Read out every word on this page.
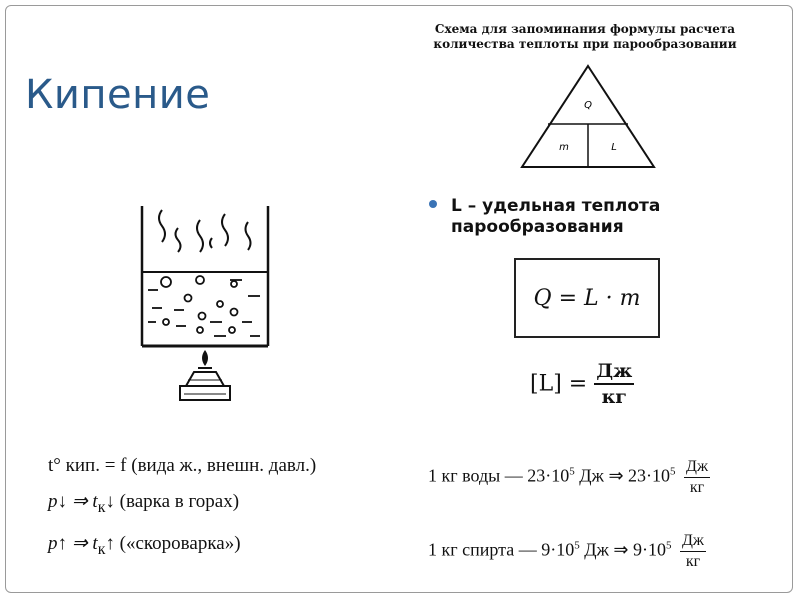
Кипение
Схема для запоминания формулы расчета
количества теплоты при парообразовании
Q
m	L
L – удельная теплота
парообразования
Q = L · m
$[L] = \frac{Дж}{кг}$
t° кип. = f (вида ж., внешн. давл.)
p↓ ⇒ $t_к↓$ (варка в горах)
p↑ ⇒ $t_к↑$ («скороварка»)
1 кг воды — $23\cdot 10^5$ Дж ⇒ $23\cdot 10^5 \frac{Дж}{кг}$
1 кг спирта — $9\cdot 10^5$ Дж ⇒ $9\cdot 10^5 \frac{Дж}{кг}$
